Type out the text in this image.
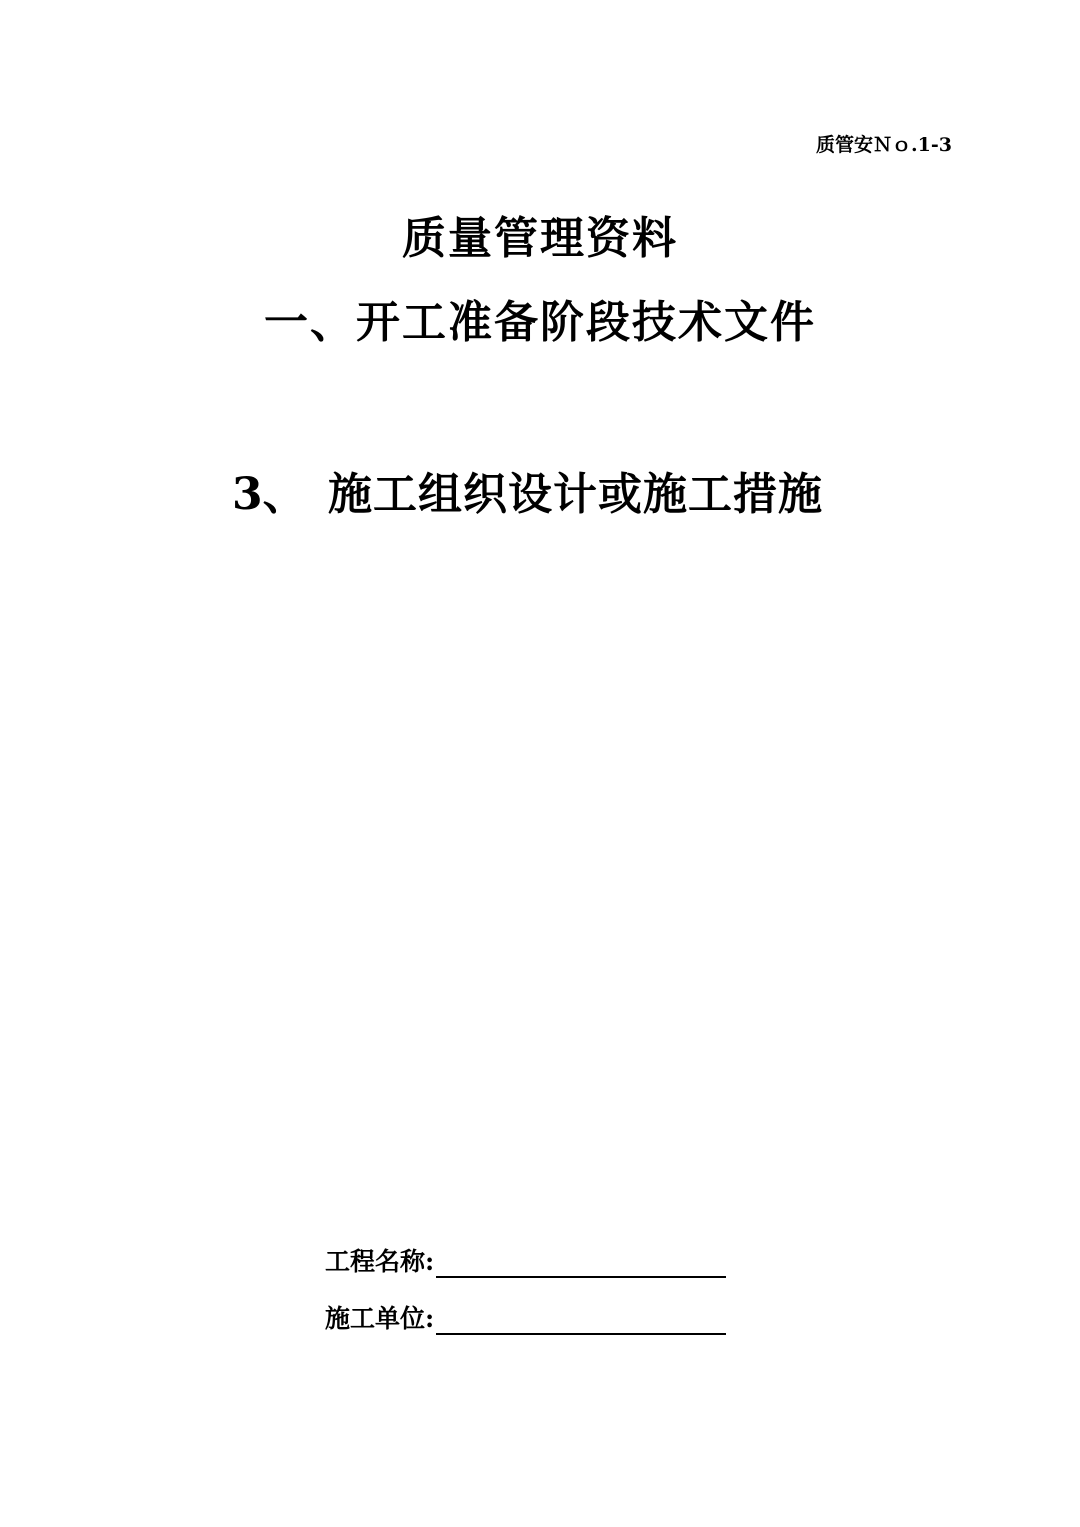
质管安Ｎｏ.1-3
质量管理资料
一、开工准备阶段技术文件
3、 施工组织设计或施工措施
工程名称:
施工单位:
